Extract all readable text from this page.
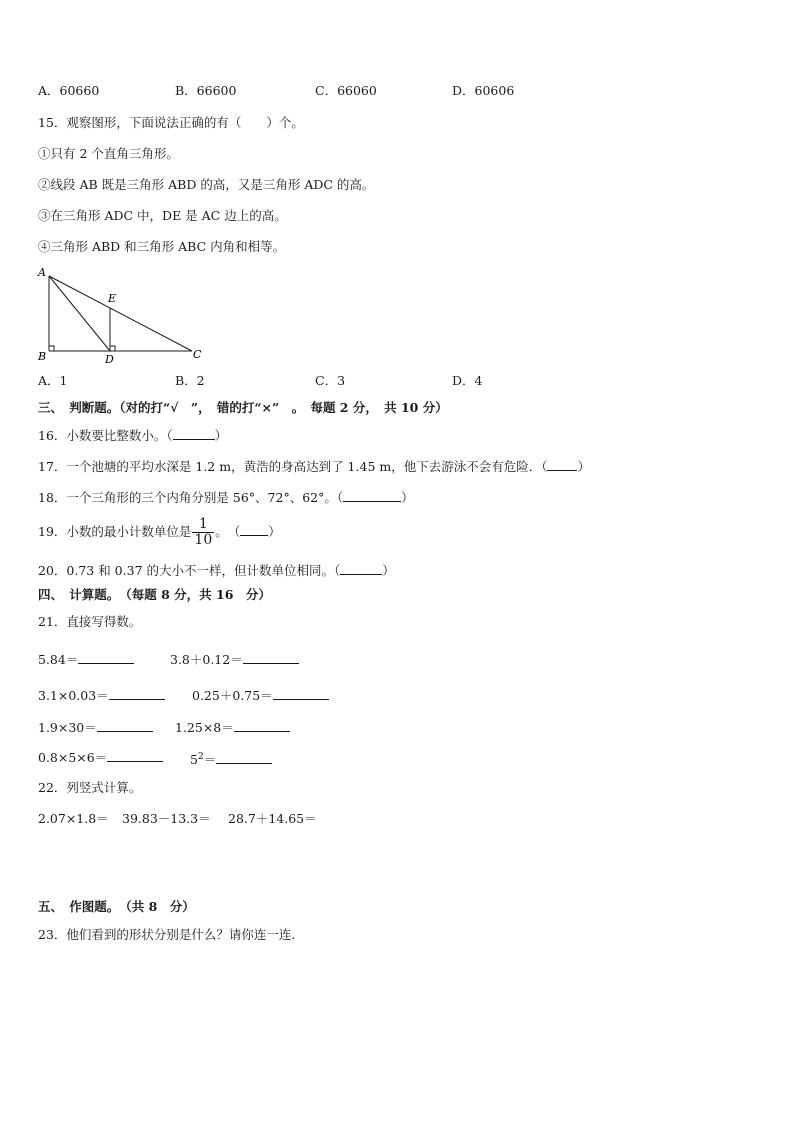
A．60660	B．66600	C．66060	D．60606
15．观察图形，下面说法正确的有（　　）个。
①只有 2 个直角三角形。
②线段 AB 既是三角形 ABD 的高，又是三角形 ADC 的高。
③在三角形 ADC 中，DE 是 AC 边上的高。
④三角形 ABD 和三角形 ABC 内角和相等。
A
B	C
D
E
A．1	B．2	C．3	D．4
三、　判断题。（对的打“√　”，　错的打“×”　。　每题 2 分，　共 10 分）
16．小数要比整数小。（	）
17．一个池塘的平均水深是 1.2 m，黄浩的身高达到了 1.45 m，他下去游泳不会有危险．（ ）
18．一个三角形的三个内角分别是 56°、72°、62°。（	）
19．小数的最小计数单位是 $\frac{1}{10}$ 。　（ ）
20．0.73 和 0.37 的大小不一样，但计数单位相同。（	）
四、　计算题。　（每题 8 分，共 16　分）
21．直接写得数。
5.84＝	3.8＋0.12＝
3.1×0.03＝	0.25＋0.75＝
1.9×30＝	1.25×8＝
0.8×5×6＝	$5^2=$
22．列竖式计算。
2.07×1.8＝ 39.83－13.3＝ 28.7＋14.65＝
五、　作图题。　（共 8　分）
23．他们看到的形状分别是什么？请你连一连．
